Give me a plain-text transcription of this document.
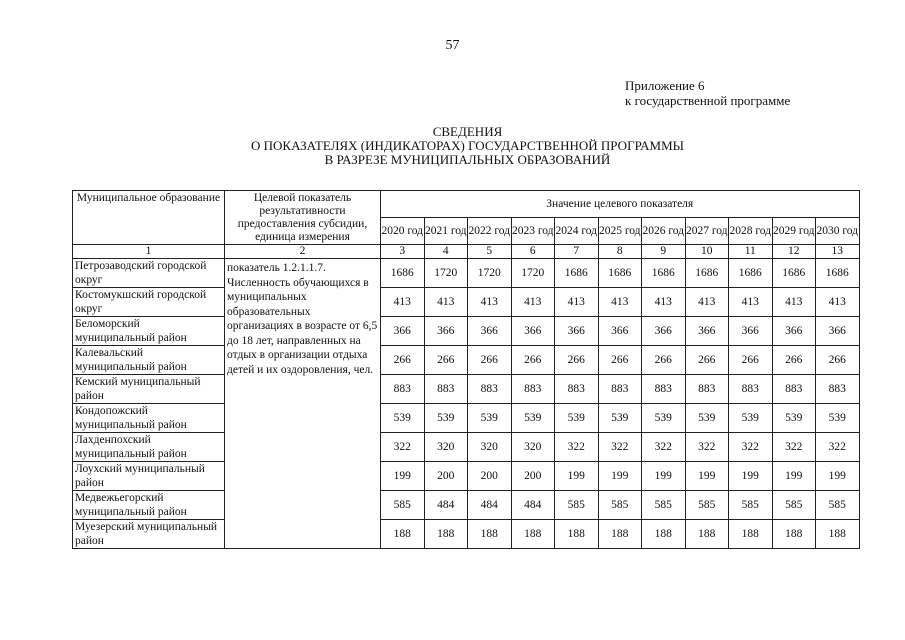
57
Приложение 6
к государственной программе
СВЕДЕНИЯ
О ПОКАЗАТЕЛЯХ (ИНДИКАТОРАХ) ГОСУДАРСТВЕННОЙ ПРОГРАММЫ
В РАЗРЕЗЕ МУНИЦИПАЛЬНЫХ ОБРАЗОВАНИЙ
Муниципальное образование	Целевой показатель результативности предоставления субсидии, единица измерения	Значение целевого показателя										
		2020 год	2021 год	2022 год	2023 год	2024 год	2025 год	2026 год	2027 год	2028 год	2029 год	2030 год
1	2	3	4	5	6	7	8	9	10	11	12	13
Петрозаводский городской округ	показатель 1.2.1.1.7. Численность обучающихся в муниципальных образовательных организациях в возрасте от 6,5 до 18 лет, направленных на отдых в организации отдыха детей и их оздоровления, чел.	1686	1720	1720	1720	1686	1686	1686	1686	1686	1686	1686
Костомукшский городской округ		413	413	413	413	413	413	413	413	413	413	413
Беломорский муниципальный район		366	366	366	366	366	366	366	366	366	366	366
Калевальский муниципальный район		266	266	266	266	266	266	266	266	266	266	266
Кемский муниципальный район		883	883	883	883	883	883	883	883	883	883	883
Кондопожский муниципальный район		539	539	539	539	539	539	539	539	539	539	539
Лахденпохский муниципальный район		322	320	320	320	322	322	322	322	322	322	322
Лоухский муниципальный район		199	200	200	200	199	199	199	199	199	199	199
Медвежьегорский муниципальный район		585	484	484	484	585	585	585	585	585	585	585
Муезерский муниципальный район		188	188	188	188	188	188	188	188	188	188	188
